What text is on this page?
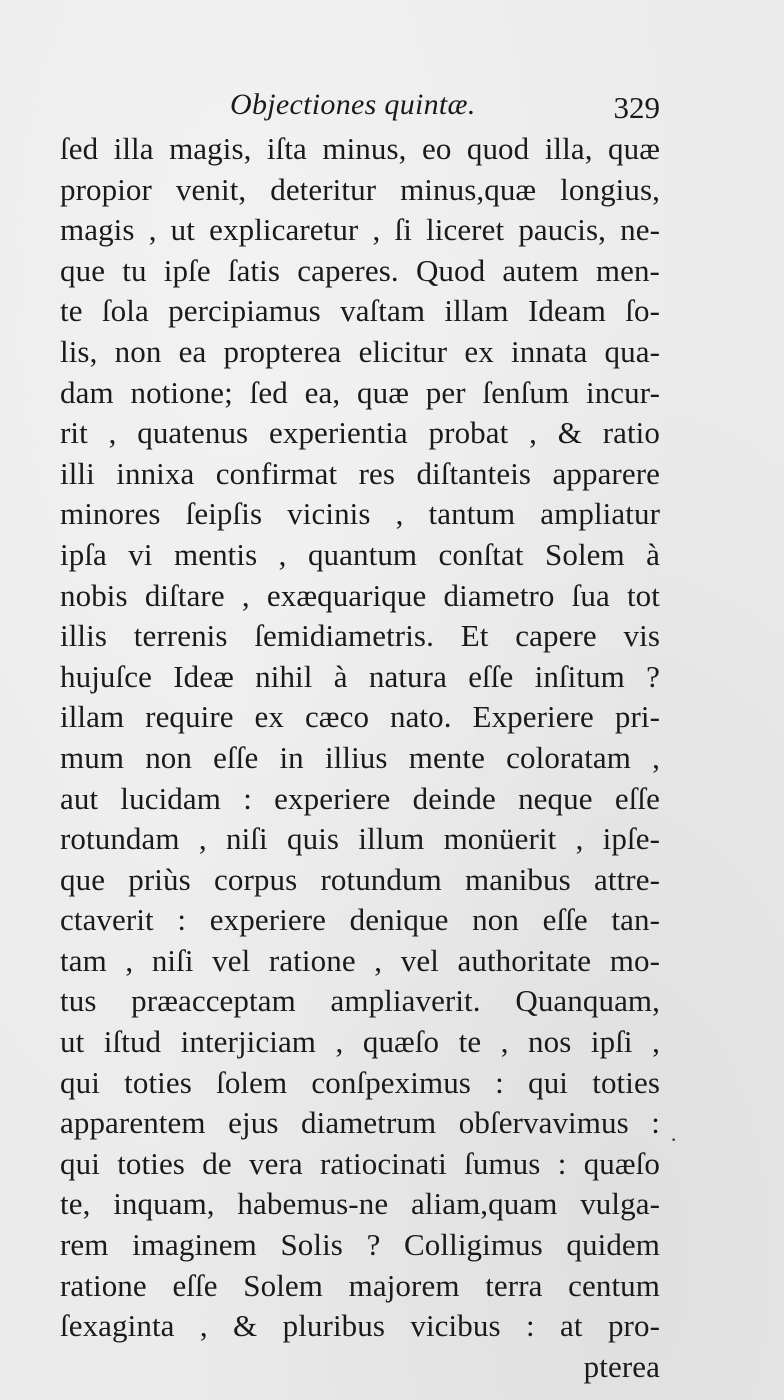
Objectiones quintæ.	329
ſed illa magis, iſta minus, eo quod illa, quæ
propior venit, deteritur minus,quæ longius,
magis , ut explicaretur , ſi liceret paucis, ne-
que tu ipſe ſatis caperes. Quod autem men-
te ſola percipiamus vaſtam illam Ideam ſo-
lis, non ea propterea elicitur ex innata qua-
dam notione; ſed ea, quæ per ſenſum incur-
rit , quatenus experientia probat , & ratio
illi innixa confirmat res diſtanteis apparere
minores ſeipſis vicinis , tantum ampliatur
ipſa vi mentis , quantum conſtat Solem à
nobis diſtare , exæquarique diametro ſua tot
illis terrenis ſemidiametris. Et capere vis
hujuſce Ideæ nihil à natura eſſe inſitum ?
illam require ex cæco nato. Experiere pri-
mum non eſſe in illius mente coloratam ,
aut lucidam : experiere deinde neque eſſe
rotundam , niſi quis illum monüerit , ipſe-
que priùs corpus rotundum manibus attre-
ctaverit : experiere denique non eſſe tan-
tam , niſi vel ratione , vel authoritate mo-
tus præacceptam ampliaverit. Quanquam,
ut iſtud interjiciam , quæſo te , nos ipſi ,
qui toties ſolem conſpeximus : qui toties
apparentem ejus diametrum obſervavimus :
qui toties de vera ratiocinati ſumus : quæſo
te, inquam, habemus-ne aliam,quam vulga-
rem imaginem Solis ? Colligimus quidem
ratione eſſe Solem majorem terra centum
ſexaginta , & pluribus vicibus : at pro-
pterea
·
